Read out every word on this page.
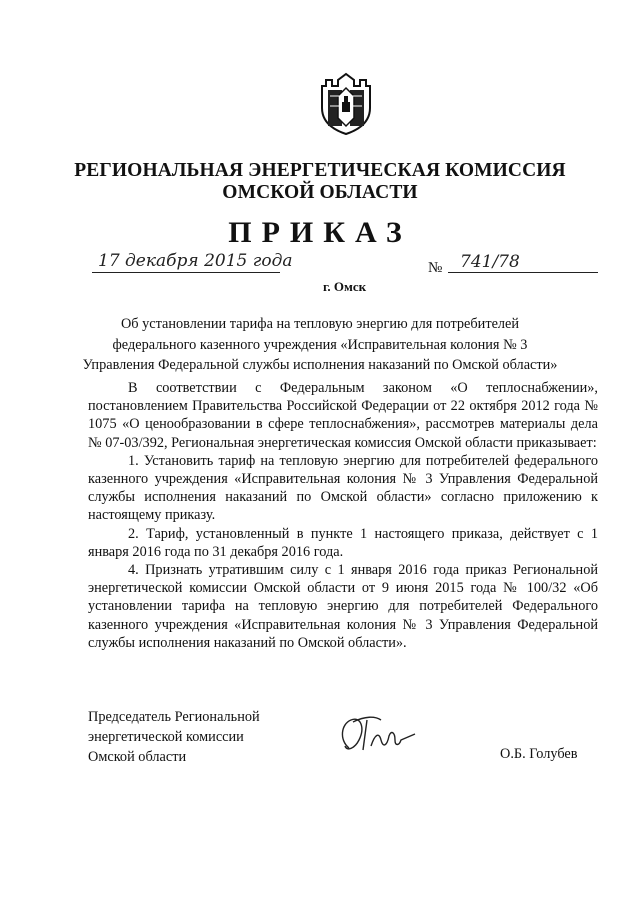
РЕГИОНАЛЬНАЯ ЭНЕРГЕТИЧЕСКАЯ КОМИССИЯ
ОМСКОЙ ОБЛАСТИ
ПРИКАЗ
17 декабря 2015 года
г. Омск
№ 741/78
Об установлении тарифа на тепловую энергию для потребителей
федерального казенного учреждения «Исправительная колония № 3
Управления Федеральной службы исполнения наказаний по Омской области»

В соответствии с Федеральным законом «О теплоснабжении», постановлением Правительства Российской Федерации от 22 октября 2012 года № 1075 «О ценообразовании в сфере теплоснабжения», рассмотрев материалы дела № 07-03/392, Региональная энергетическая комиссия Омской области приказывает:

1. Установить тариф на тепловую энергию для потребителей федерального казенного учреждения «Исправительная колония № 3 Управления Федеральной службы исполнения наказаний по Омской области» согласно приложению к настоящему приказу.

2. Тариф, установленный в пункте 1 настоящего приказа, действует с 1 января 2016 года по 31 декабря 2016 года.

4. Признать утратившим силу с 1 января 2016 года приказ Региональной энергетической комиссии Омской области от 9 июня 2015 года № 100/32 «Об установлении тарифа на тепловую энергию для потребителей Федерального казенного учреждения «Исправительная колония № 3 Управления Федеральной службы исполнения наказаний по Омской области».

Председатель Региональной
энергетической комиссии
Омской области	О.Б. Голубев
